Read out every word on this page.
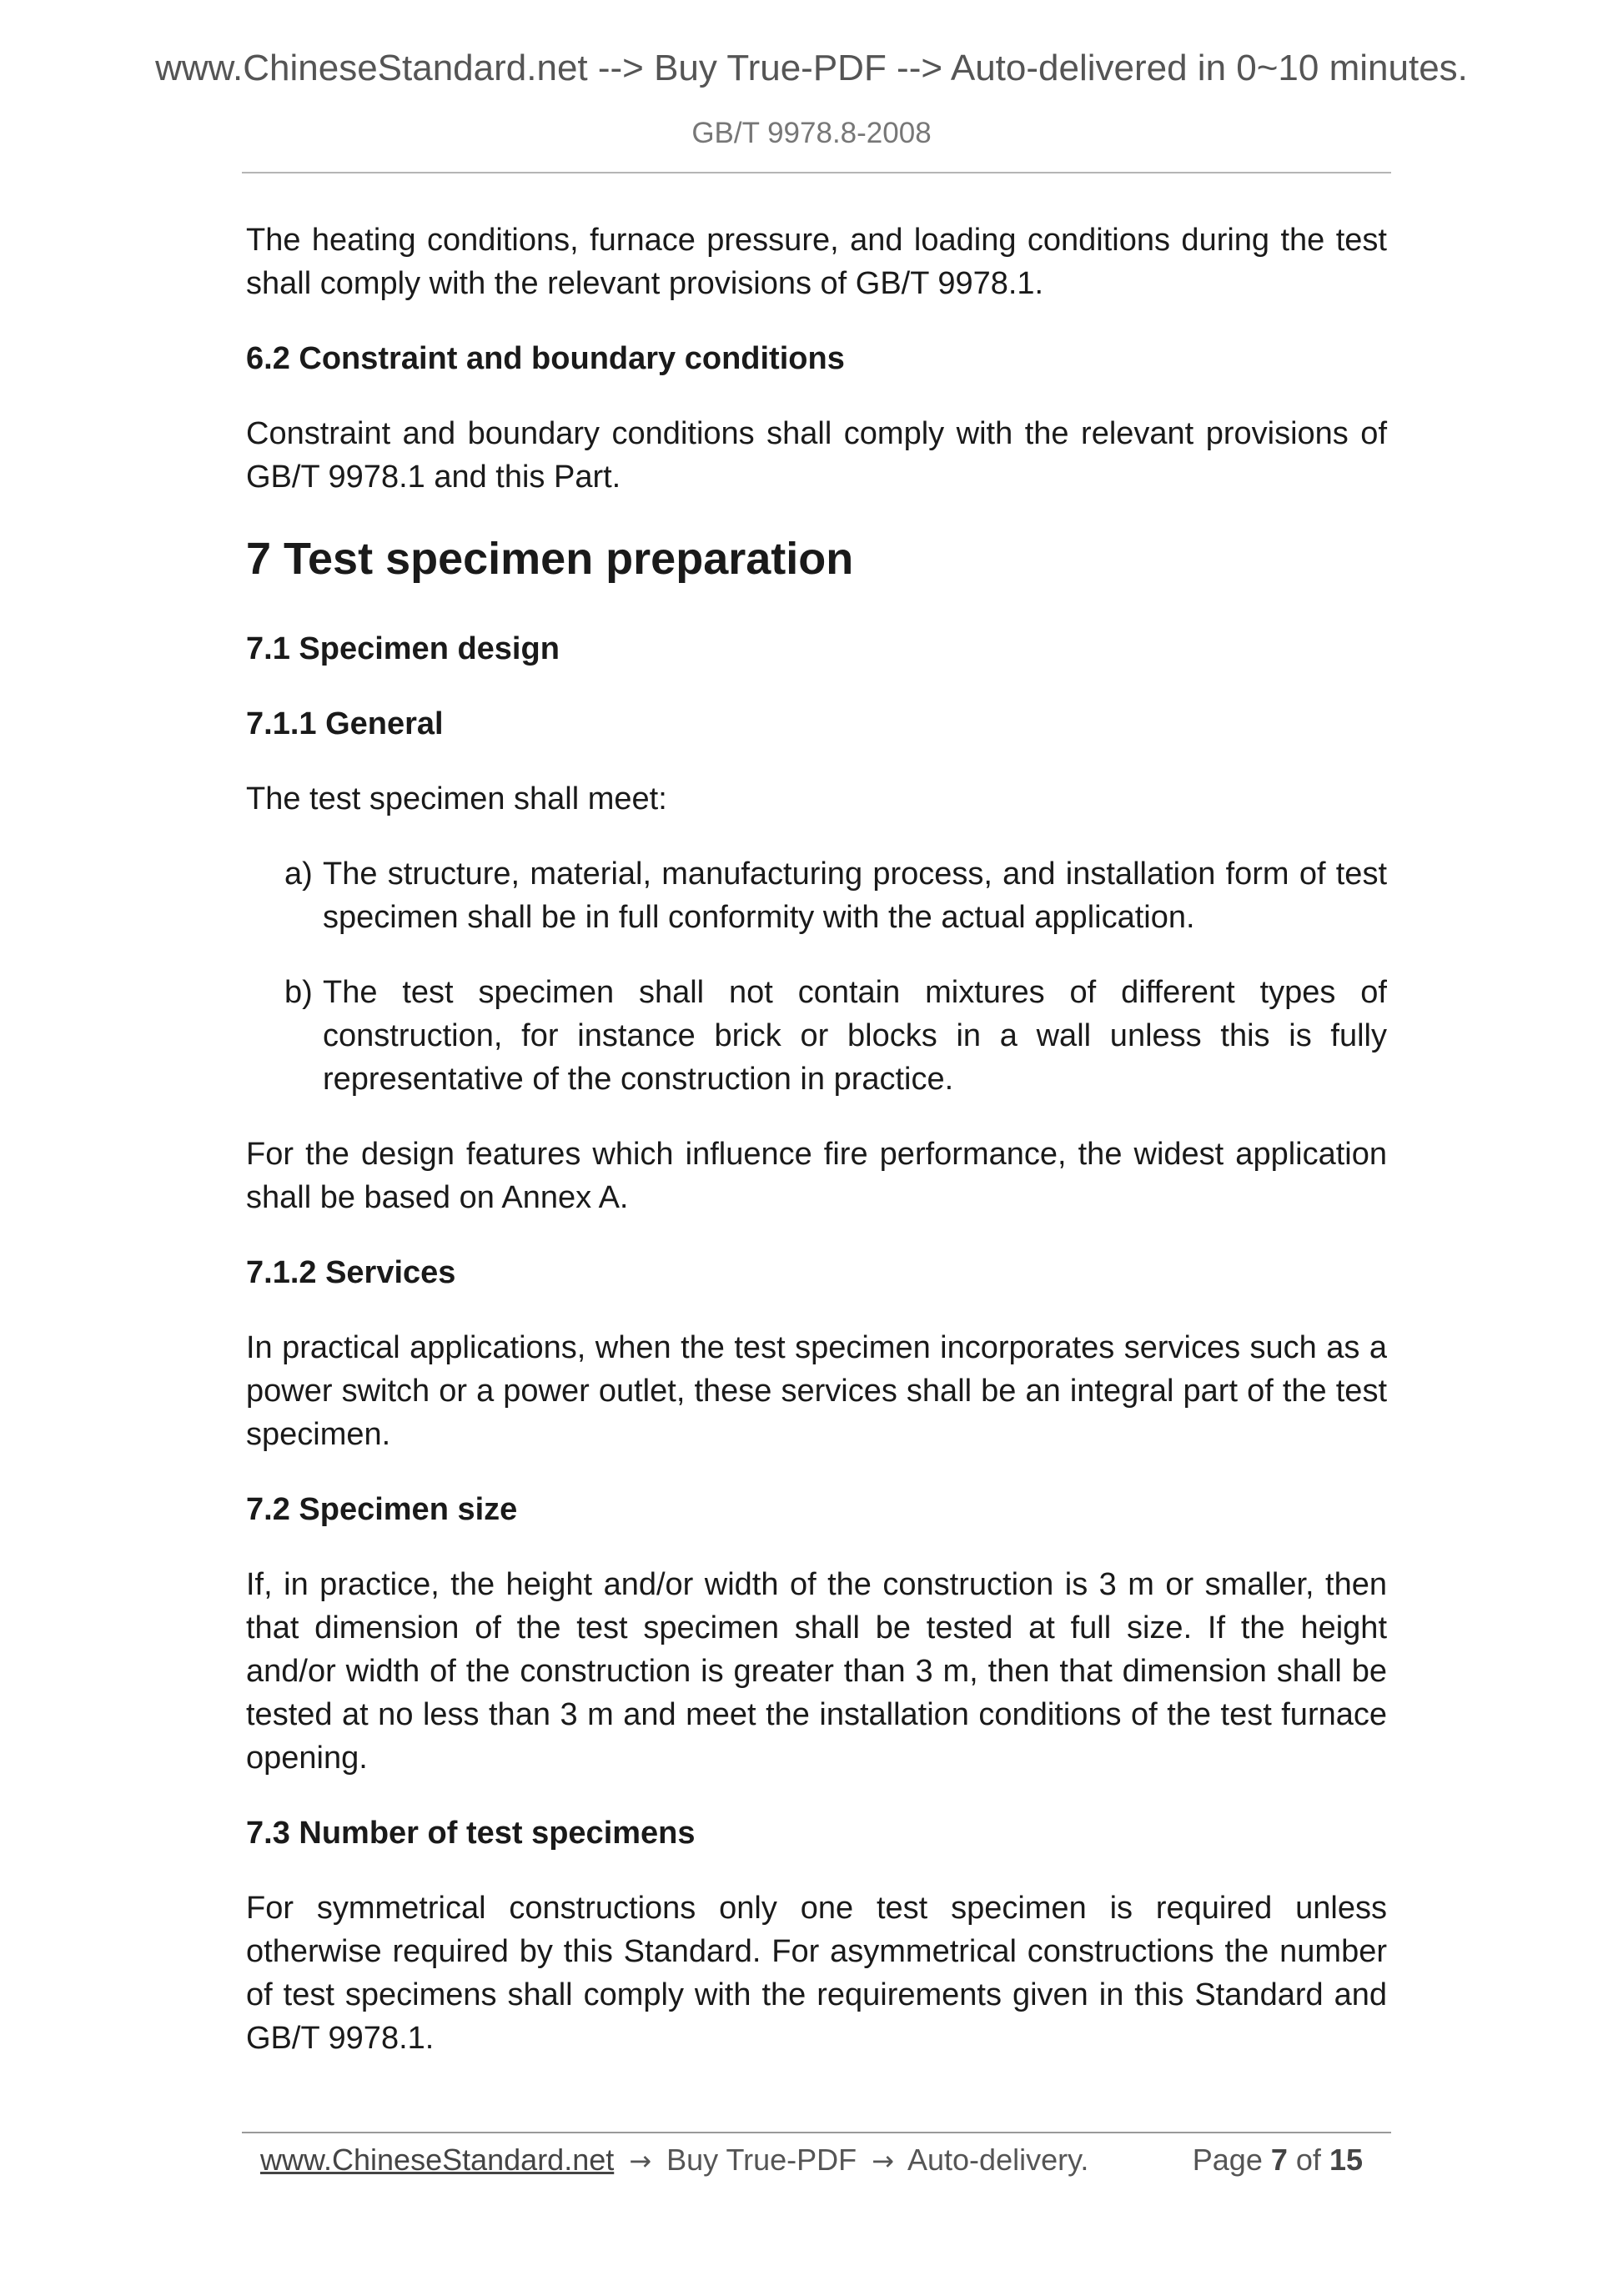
www.ChineseStandard.net --> Buy True-PDF --> Auto-delivered in 0~10 minutes.
GB/T 9978.8-2008

The heating conditions, furnace pressure, and loading conditions during the test shall comply with the relevant provisions of GB/T 9978.1.

6.2 Constraint and boundary conditions

Constraint and boundary conditions shall comply with the relevant provisions of GB/T 9978.1 and this Part.

7 Test specimen preparation
7.1 Specimen design
7.1.1 General

The test specimen shall meet:

a) The structure, material, manufacturing process, and installation form of test specimen shall be in full conformity with the actual application.
b) The test specimen shall not contain mixtures of different types of construction, for instance brick or blocks in a wall unless this is fully representative of the construction in practice.

For the design features which influence fire performance, the widest application shall be based on Annex A.

7.1.2 Services

In practical applications, when the test specimen incorporates services such as a power switch or a power outlet, these services shall be an integral part of the test specimen.

7.2 Specimen size

If, in practice, the height and/or width of the construction is 3 m or smaller, then that dimension of the test specimen shall be tested at full size. If the height and/or width of the construction is greater than 3 m, then that dimension shall be tested at no less than 3 m and meet the installation conditions of the test furnace opening.

7.3 Number of test specimens

For symmetrical constructions only one test specimen is required unless otherwise required by this Standard. For asymmetrical constructions the number of test specimens shall comply with the requirements given in this Standard and GB/T 9978.1.

www.ChineseStandard.net → Buy True-PDF → Auto-delivery.	Page 7 of 15
